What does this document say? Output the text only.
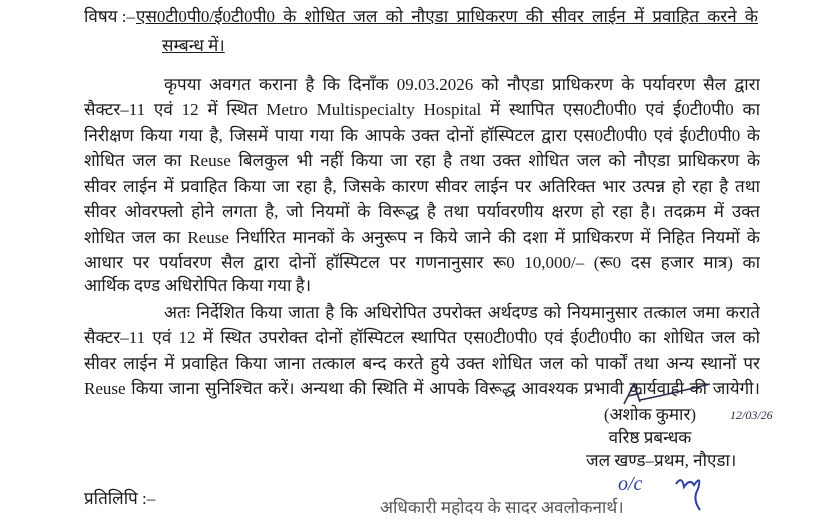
विषय :– एस0टी0पी0/ई0टी0पी0 के शोधित जल को नौएडा प्राधिकरण की सीवर लाईन में प्रवाहित करने के
सम्बन्ध में।
कृपया अवगत कराना है कि दिनाँक 09.03.2026 को नौएडा प्राधिकरण के पर्यावरण सैल द्वारा
सैक्टर–11 एवं 12 में स्थित Metro Multispecialty Hospital में स्थापित एस0टी0पी0 एवं ई0टी0पी0 का
निरीक्षण किया गया है, जिसमें पाया गया कि आपके उक्त दोनों हॉस्पिटल द्वारा एस0टी0पी0 एवं ई0टी0पी0 के
शोधित जल का Reuse बिलकुल भी नहीं किया जा रहा है तथा उक्त शोधित जल को नौएडा प्राधिकरण के
सीवर लाईन में प्रवाहित किया जा रहा है, जिसके कारण सीवर लाईन पर अतिरिक्त भार उत्पन्न हो रहा है तथा
सीवर ओवरफ्लो होने लगता है, जो नियमों के विरूद्ध है तथा पर्यावरणीय क्षरण हो रहा है। तदक्रम में उक्त
शोधित जल का Reuse निर्धारित मानकों के अनुरूप न किये जाने की दशा में प्राधिकरण में निहित नियमों के
आधार पर पर्यावरण सैल द्वारा दोनों हॉस्पिटल पर गणनानुसार रू0 10,000/– (रू0 दस हजार मात्र) का
आर्थिक दण्ड अधिरोपित किया गया है।
अतः निर्देशित किया जाता है कि अधिरोपित उपरोक्त अर्थदण्ड को नियमानुसार तत्काल जमा कराते
सैक्टर–11 एवं 12 में स्थित उपरोक्त दोनों हॉस्पिटल स्थापित एस0टी0पी0 एवं ई0टी0पी0 का शोधित जल को
सीवर लाईन में प्रवाहित किया जाना तत्काल बन्द करते हुये उक्त शोधित जल को पार्कों तथा अन्य स्थानों पर
Reuse किया जाना सुनिश्चित करें। अन्यथा की स्थिति में आपके विरूद्ध आवश्यक प्रभावी कार्यवाही की जायेगी।
12/03/26
(अशोक कुमार)
वरिष्ठ प्रबन्धक
जल खण्ड–प्रथम, नौएडा।
o/c
प्रतिलिपि :–	अधिकारी महोदय के सादर अवलोकनार्थ।
